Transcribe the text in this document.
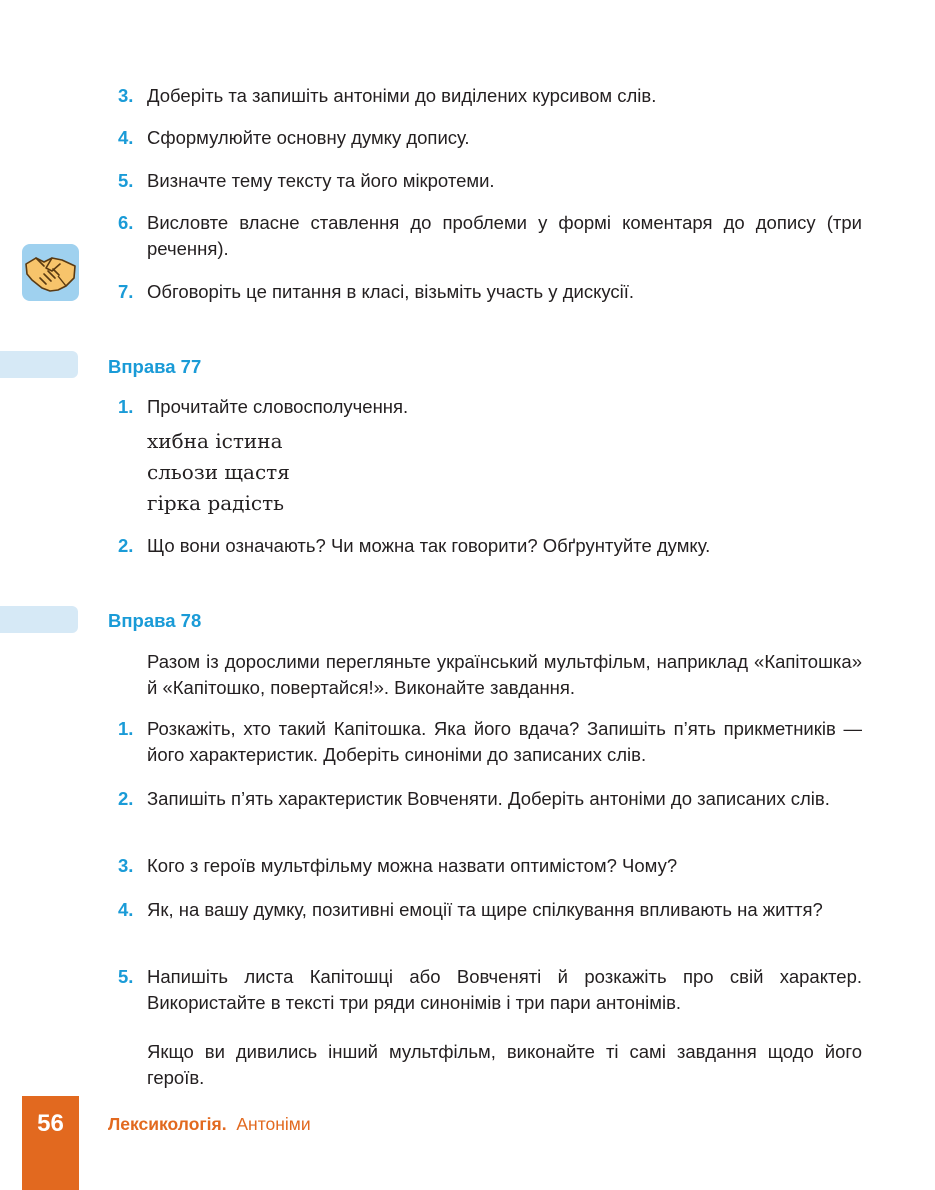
3. Доберіть та запишіть антоніми до виділених курсивом слів.
4. Сформулюйте основну думку допису.
5. Визначте тему тексту та його мікротеми.
6. Висловте власне ставлення до проблеми у формі коментаря до допису (три речення).
7. Обговоріть це питання в класі, візьміть участь у дискусії.
Вправа 77
1. Прочитайте словосполучення.
хибна істина
сльози щастя
гірка радість
2. Що вони означають? Чи можна так говорити? Обґрунтуйте думку.
Вправа 78
Разом із дорослими перегляньте український мультфільм, наприклад «Капітошка» й «Капітошко, повертайся!». Виконайте завдання.
1. Розкажіть, хто такий Капітошка. Яка його вдача? Запишіть п’ять прикметників — його характеристик. Доберіть синоніми до записаних слів.
2. Запишіть п’ять характеристик Вовченяти. Доберіть антоніми до записаних слів.
3. Кого з героїв мультфільму можна назвати оптимістом? Чому?
4. Як, на вашу думку, позитивні емоції та щире спілкування впливають на життя?
5. Напишіть листа Капітошці або Вовченяті й розкажіть про свій характер. Використайте в тексті три ряди синонімів і три пари антонімів.
Якщо ви дивились інший мультфільм, виконайте ті самі завдання щодо його героїв.
56	Лексикологія. Антоніми
